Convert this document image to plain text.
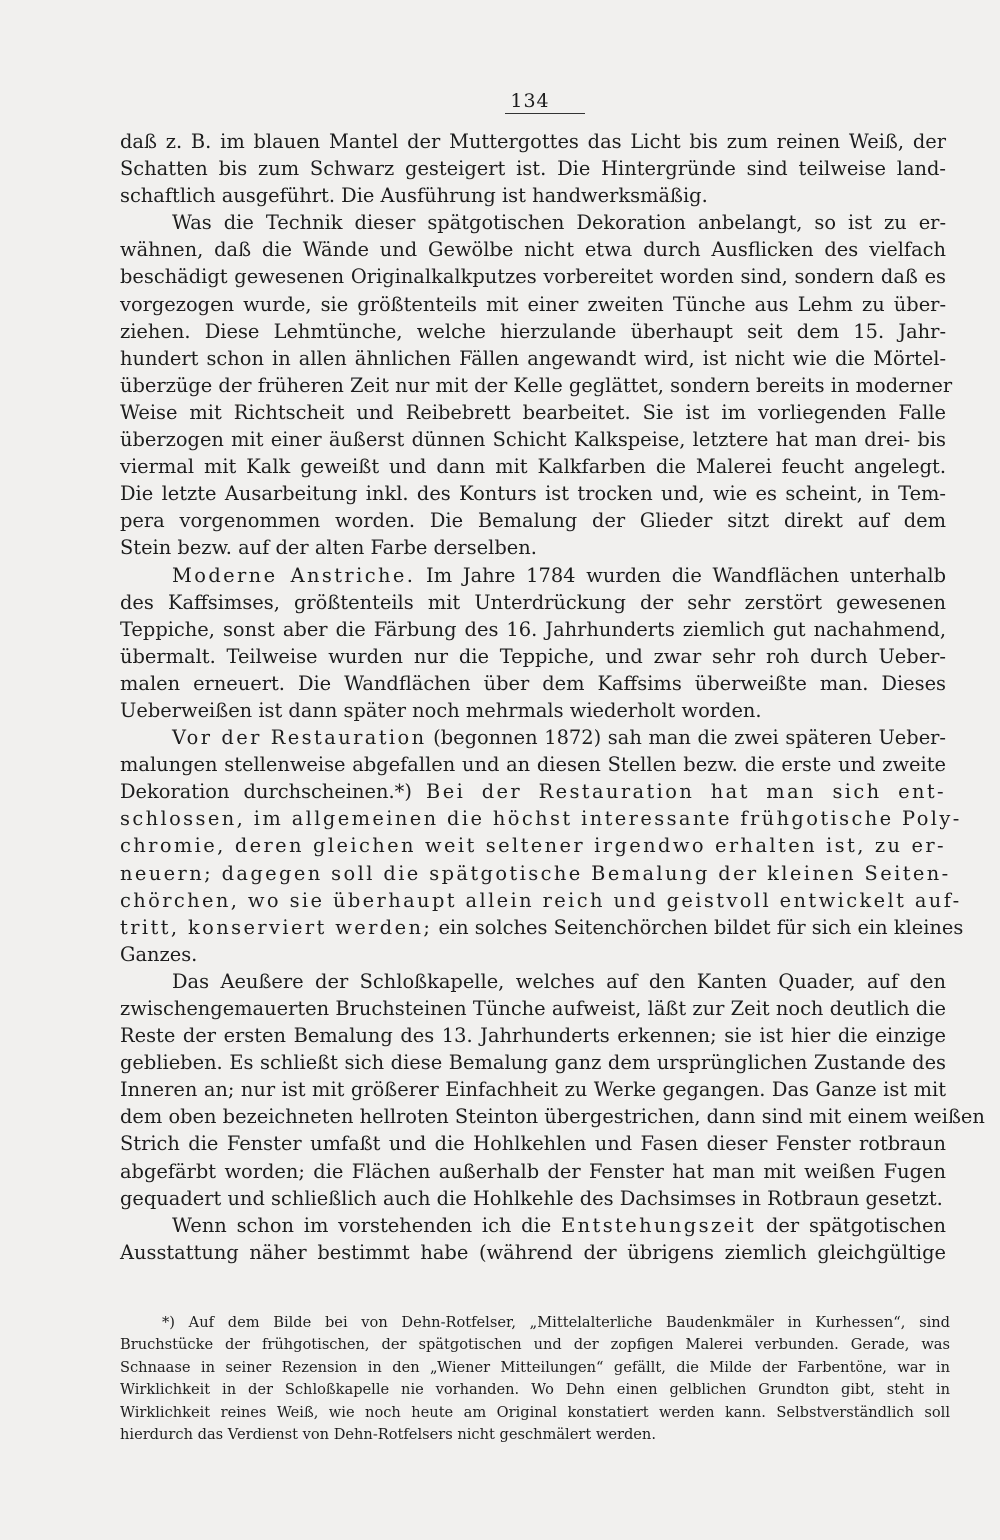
134
daß z. B. im blauen Mantel der Muttergottes das Licht bis zum reinen Weiß, der
Schatten bis zum Schwarz gesteigert ist. Die Hintergründe sind teilweise land-
schaftlich ausgeführt. Die Ausführung ist handwerksmäßig.
Was die Technik dieser spätgotischen Dekoration anbelangt, so ist zu er-
wähnen, daß die Wände und Gewölbe nicht etwa durch Ausflicken des vielfach
beschädigt gewesenen Originalkalkputzes vorbereitet worden sind, sondern daß es
vorgezogen wurde, sie größtenteils mit einer zweiten Tünche aus Lehm zu über-
ziehen. Diese Lehmtünche, welche hierzulande überhaupt seit dem 15. Jahr-
hundert schon in allen ähnlichen Fällen angewandt wird, ist nicht wie die Mörtel-
überzüge der früheren Zeit nur mit der Kelle geglättet, sondern bereits in moderner
Weise mit Richtscheit und Reibebrett bearbeitet. Sie ist im vorliegenden Falle
überzogen mit einer äußerst dünnen Schicht Kalkspeise, letztere hat man drei- bis
viermal mit Kalk geweißt und dann mit Kalkfarben die Malerei feucht angelegt.
Die letzte Ausarbeitung inkl. des Konturs ist trocken und, wie es scheint, in Tem-
pera vorgenommen worden. Die Bemalung der Glieder sitzt direkt auf dem
Stein bezw. auf der alten Farbe derselben.
Moderne Anstriche. Im Jahre 1784 wurden die Wandflächen unterhalb
des Kaffsimses, größtenteils mit Unterdrückung der sehr zerstört gewesenen
Teppiche, sonst aber die Färbung des 16. Jahrhunderts ziemlich gut nachahmend,
übermalt. Teilweise wurden nur die Teppiche, und zwar sehr roh durch Ueber-
malen erneuert. Die Wandflächen über dem Kaffsims überweißte man. Dieses
Ueberweißen ist dann später noch mehrmals wiederholt worden.
Vor der Restauration (begonnen 1872) sah man die zwei späteren Ueber-
malungen stellenweise abgefallen und an diesen Stellen bezw. die erste und zweite
Dekoration durchscheinen.*) Bei der Restauration hat man sich ent-
schlossen, im allgemeinen die höchst interessante frühgotische Poly-
chromie, deren gleichen weit seltener irgendwo erhalten ist, zu er-
neuern; dagegen soll die spätgotische Bemalung der kleinen Seiten-
chörchen, wo sie überhaupt allein reich und geistvoll entwickelt auf-
tritt, konserviert werden; ein solches Seitenchörchen bildet für sich ein kleines
Ganzes.
Das Aeußere der Schloßkapelle, welches auf den Kanten Quader, auf den
zwischengemauerten Bruchsteinen Tünche aufweist, läßt zur Zeit noch deutlich die
Reste der ersten Bemalung des 13. Jahrhunderts erkennen; sie ist hier die einzige
geblieben. Es schließt sich diese Bemalung ganz dem ursprünglichen Zustande des
Inneren an; nur ist mit größerer Einfachheit zu Werke gegangen. Das Ganze ist mit
dem oben bezeichneten hellroten Steinton übergestrichen, dann sind mit einem weißen
Strich die Fenster umfaßt und die Hohlkehlen und Fasen dieser Fenster rotbraun
abgefärbt worden; die Flächen außerhalb der Fenster hat man mit weißen Fugen
gequadert und schließlich auch die Hohlkehle des Dachsimses in Rotbraun gesetzt.
Wenn schon im vorstehenden ich die Entstehungszeit der spätgotischen
Ausstattung näher bestimmt habe (während der übrigens ziemlich gleichgültige
*) Auf dem Bilde bei von Dehn-Rotfelser, „Mittelalterliche Baudenkmäler in Kurhessen“, sind
Bruchstücke der frühgotischen, der spätgotischen und der zopfigen Malerei verbunden. Gerade, was
Schnaase in seiner Rezension in den „Wiener Mitteilungen“ gefällt, die Milde der Farbentöne, war in
Wirklichkeit in der Schloßkapelle nie vorhanden. Wo Dehn einen gelblichen Grundton gibt, steht in
Wirklichkeit reines Weiß, wie noch heute am Original konstatiert werden kann. Selbstverständlich soll
hierdurch das Verdienst von Dehn-Rotfelsers nicht geschmälert werden.
